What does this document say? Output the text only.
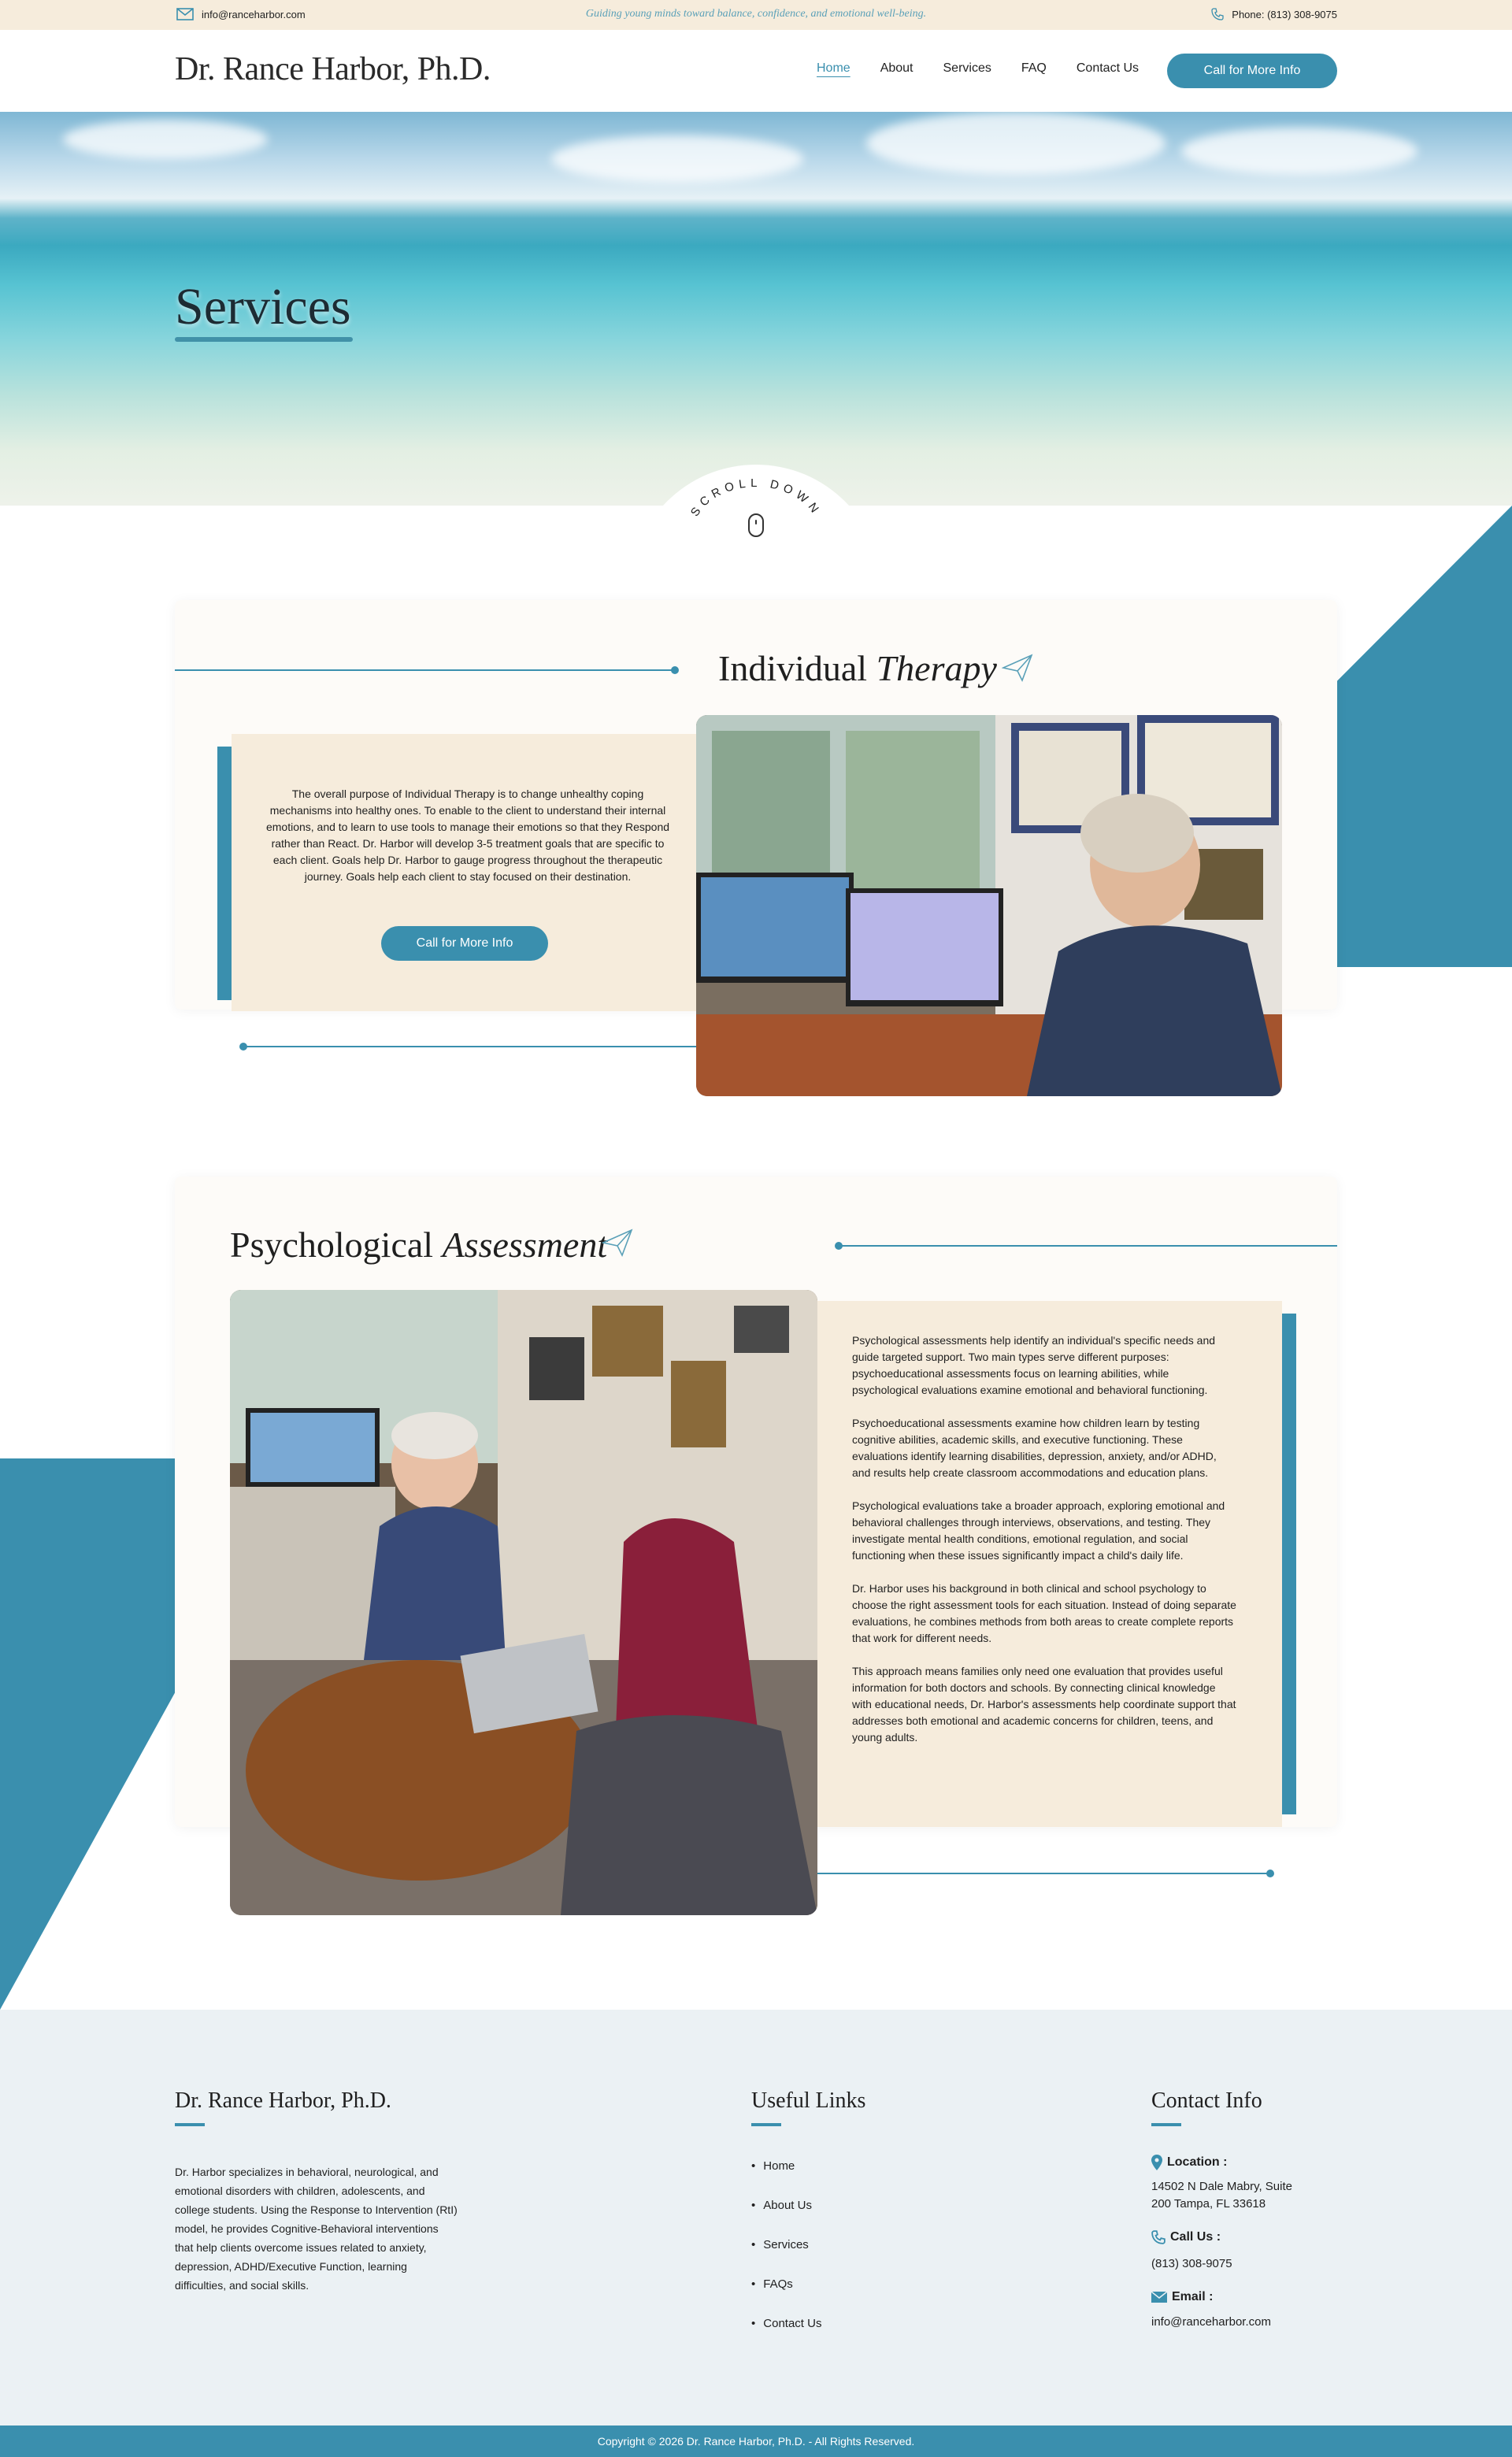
info@ranceharbor.com	Guiding young minds toward balance, confidence, and emotional well-being.	Phone: (813) 308-9075
Dr. Rance Harbor, Ph.D.	Home	About	Services	FAQ	Contact Us	Call for More Info
Services
SCROLL DOWN
Individual Therapy

The overall purpose of Individual Therapy is to change unhealthy coping mechanisms into healthy ones. To enable to the client to understand their internal emotions, and to learn to use tools to manage their emotions so that they Respond rather than React. Dr. Harbor will develop 3-5 treatment goals that are specific to each client. Goals help Dr. Harbor to gauge progress throughout the therapeutic journey. Goals help each client to stay focused on their destination.

Call for More Info
Psychological Assessment

Psychological assessments help identify an individual's specific needs and guide targeted support. Two main types serve different purposes: psychoeducational assessments focus on learning abilities, while psychological evaluations examine emotional and behavioral functioning.

Psychoeducational assessments examine how children learn by testing cognitive abilities, academic skills, and executive functioning. These evaluations identify learning disabilities, depression, anxiety, and/or ADHD, and results help create classroom accommodations and education plans.

Psychological evaluations take a broader approach, exploring emotional and behavioral challenges through interviews, observations, and testing. They investigate mental health conditions, emotional regulation, and social functioning when these issues significantly impact a child's daily life.

Dr. Harbor uses his background in both clinical and school psychology to choose the right assessment tools for each situation. Instead of doing separate evaluations, he combines methods from both areas to create complete reports that work for different needs.

This approach means families only need one evaluation that provides useful information for both doctors and schools. By connecting clinical knowledge with educational needs, Dr. Harbor's assessments help coordinate support that addresses both emotional and academic concerns for children, teens, and young adults.

Dr. Rance Harbor, Ph.D.

Dr. Harbor specializes in behavioral, neurological, and emotional disorders with children, adolescents, and college students. Using the Response to Intervention (RtI) model, he provides Cognitive-Behavioral interventions that help clients overcome issues related to anxiety, depression, ADHD/Executive Function, learning difficulties, and social skills.

Useful Links
• Home
• About Us
• Services
• FAQs
• Contact Us
Contact Info
Location :
14502 N Dale Mabry, Suite
200 Tampa, FL 33618
Call Us :
(813) 308-9075
Email :
info@ranceharbor.com
Copyright © 2026 Dr. Rance Harbor, Ph.D. - All Rights Reserved.
